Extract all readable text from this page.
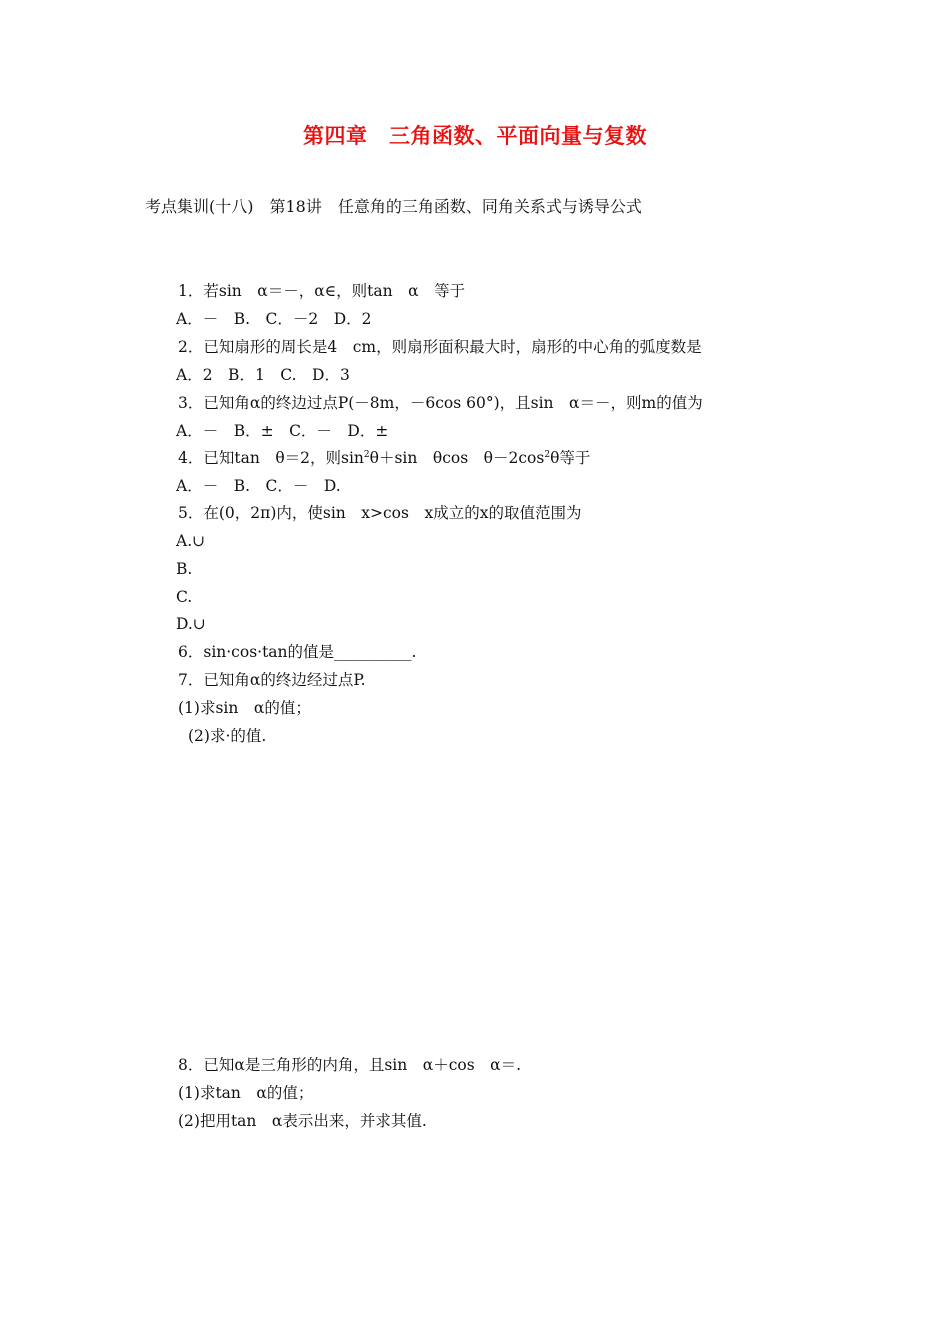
第四章　三角函数、平面向量与复数
考点集训(十八)　第18讲　任意角的三角函数、同角关系式与诱导公式
1．若sin　α＝－，α∈，则tan　α　等于
A．－　B.　C．－2　D．2
2．已知扇形的周长是4　cm，则扇形面积最大时，扇形的中心角的弧度数是
A．2　B．1　C.　D．3
3．已知角α的终边过点P(－8m，－6cos 60°)，且sin　α＝－，则m的值为
A．－　B．±　C．－　D．±
4．已知tan　θ＝2，则$\sin^2\theta+\sin$　θcos　$\theta-2\cos^2\theta$等于
A．－　B.　C．－　D.
5．在(0，2π)内，使sin　x>cos　x成立的x的取值范围为
A.∪
B.
C.
D.∪
6．sin·cos·tan的值是__________.
7．已知角α的终边经过点P.
(1)求sin　α的值；
(2)求·的值.
8．已知α是三角形的内角，且sin　α＋cos　α＝.
(1)求tan　α的值；
(2)把用tan　α表示出来，并求其值.
